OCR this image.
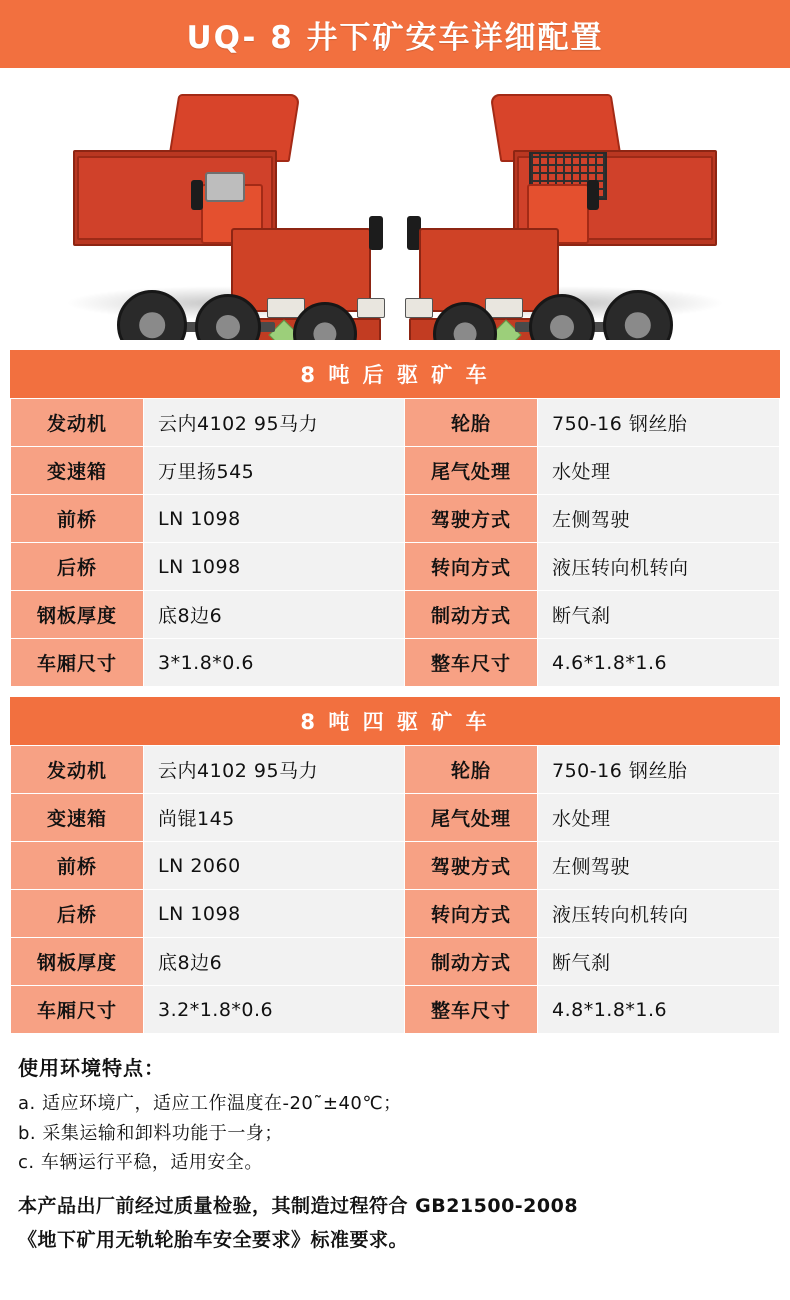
UQ- 8 井下矿安车详细配置
8 吨 后 驱 矿 车
发动机	云内4102 95马力	轮胎	750-16 钢丝胎
变速箱	万里扬545	尾气处理	水处理
前桥	LN 1098	驾驶方式	左侧驾驶
后桥	LN 1098	转向方式	液压转向机转向
钢板厚度	底8边6	制动方式	断气刹
车厢尺寸	3*1.8*0.6	整车尺寸	4.6*1.8*1.6
8 吨 四 驱 矿 车
发动机	云内4102 95马力	轮胎	750-16 钢丝胎
变速箱	尚锟145	尾气处理	水处理
前桥	LN 2060	驾驶方式	左侧驾驶
后桥	LN 1098	转向方式	液压转向机转向
钢板厚度	底8边6	制动方式	断气刹
车厢尺寸	3.2*1.8*0.6	整车尺寸	4.8*1.8*1.6
使用环境特点：
a. 适应环境广，适应工作温度在-20˜±40℃；
b. 采集运输和卸料功能于一身；
c. 车辆运行平稳，适用安全。
本产品出厂前经过质量检验，其制造过程符合 GB21500-2008
《地下矿用无轨轮胎车安全要求》标准要求。
